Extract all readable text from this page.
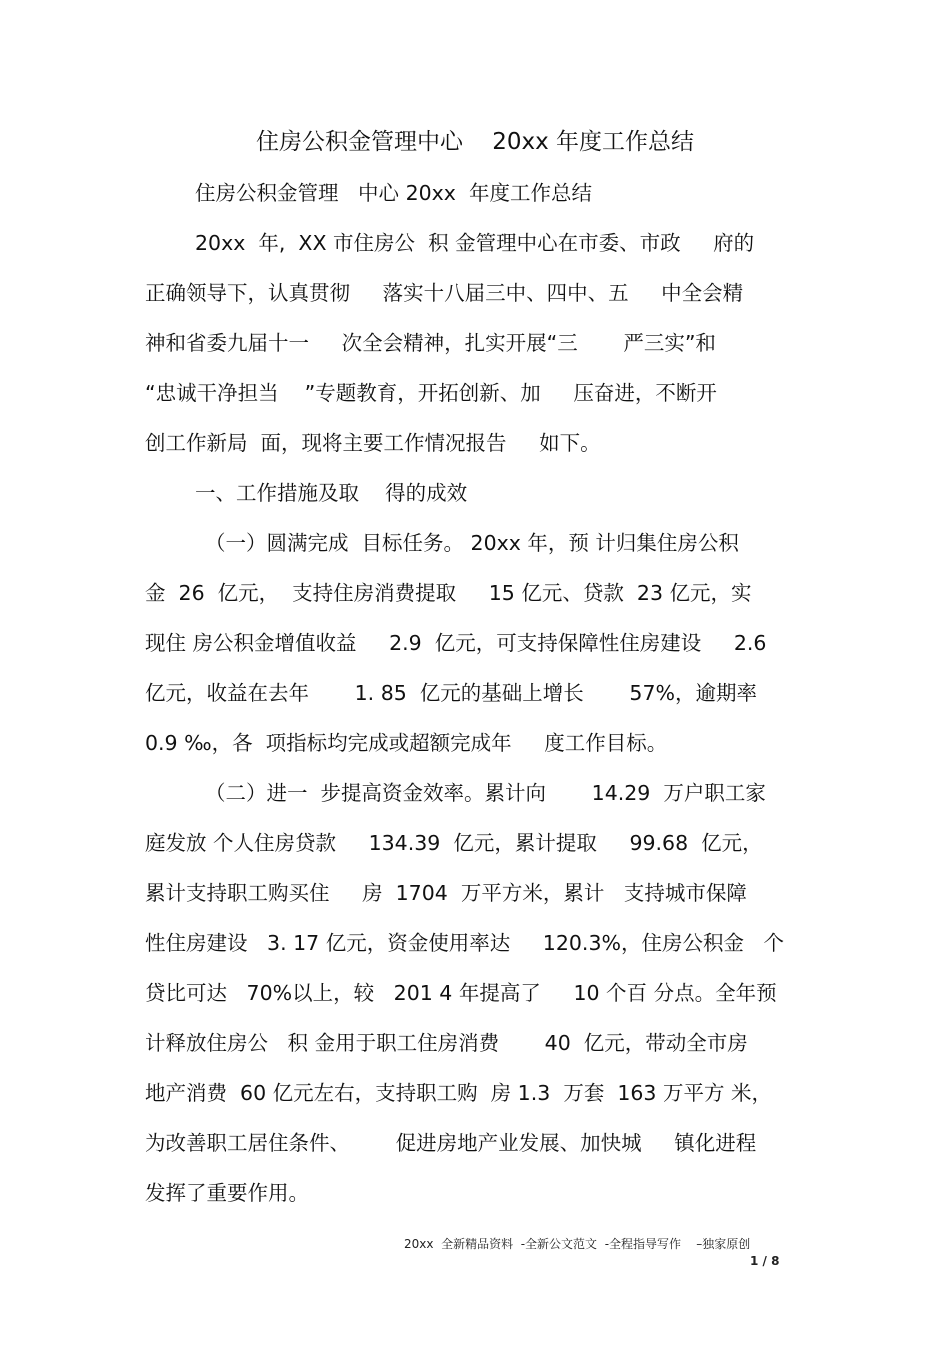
住房公积金管理中心    20xx 年度工作总结
住房公积金管理   中心 20xx  年度工作总结
20xx  年,  XX 市住房公  积 金管理中心在市委、市政     府的
正确领导下，认真贯彻     落实十八届三中、四中、五     中全会精
神和省委九届十一     次全会精神，扎实开展“三       严三实”和
“忠诚干净担当    ”专题教育，开拓创新、加     压奋进，不断开
创工作新局  面，现将主要工作情况报告     如下。
一、工作措施及取    得的成效
（一）圆满完成  目标任务。 20xx 年，预 计归集住房公积
金  26  亿元，  支持住房消费提取     15 亿元、贷款  23 亿元，实
现住 房公积金增值收益     2.9  亿元，可支持保障性住房建设     2.6
亿元，收益在去年       1. 85  亿元的基础上增长       57%，逾期率
0.9 ‰，各  项指标均完成或超额完成年     度工作目标。
（二）进一  步提高资金效率。累计向       14.29  万户职工家
庭发放 个人住房贷款     134.39  亿元，累计提取     99.68  亿元，
累计支持职工购买住     房  1704  万平方米，累计   支持城市保障
性住房建设   3. 17 亿元，资金使用率达     120.3%，住房公积金   个
贷比可达   70%以上，较   201 4 年提高了     10 个百 分点。全年预
计释放住房公   积 金用于职工住房消费       40  亿元，带动全市房
地产消费  60 亿元左右，支持职工购  房 1.3  万套  163 万平方 米，
为改善职工居住条件、       促进房地产业发展、加快城     镇化进程
发挥了重要作用。
20xx  全新精品资料  -全新公文范文  -全程指导写作    –独家原创
1 / 8
